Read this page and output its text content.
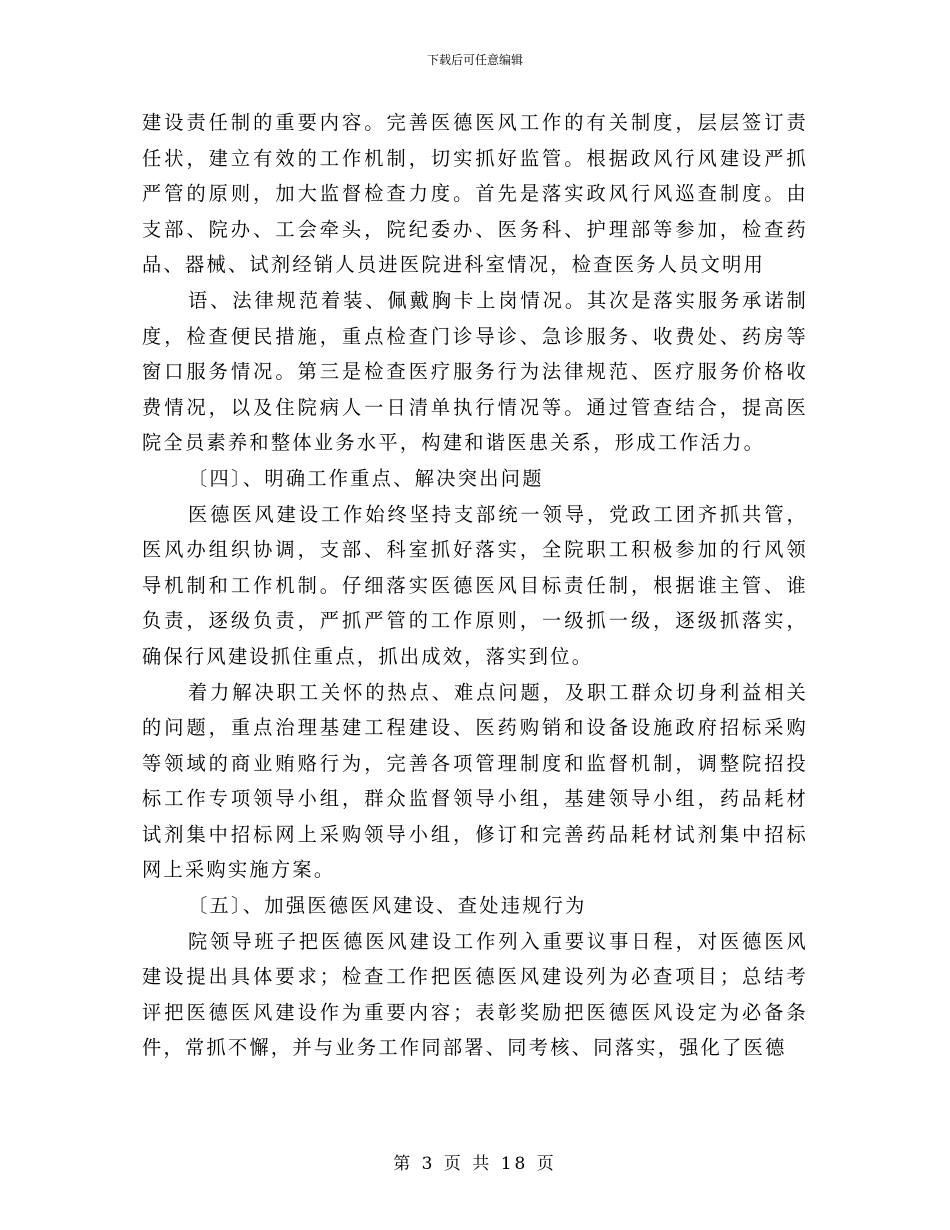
下载后可任意编辑

建设责任制的重要内容。完善医德医风工作的有关制度，层层签订责任状，建立有效的工作机制，切实抓好监管。根据政风行风建设严抓严管的原则，加大监督检查力度。首先是落实政风行风巡查制度。由支部、院办、工会牵头，院纪委办、医务科、护理部等参加，检查药品、器械、试剂经销人员进医院进科室情况，检查医务人员文明用

语、法律规范着装、佩戴胸卡上岗情况。其次是落实服务承诺制度，检查便民措施，重点检查门诊导诊、急诊服务、收费处、药房等窗口服务情况。第三是检查医疗服务行为法律规范、医疗服务价格收费情况，以及住院病人一日清单执行情况等。通过管查结合，提高医院全员素养和整体业务水平，构建和谐医患关系，形成工作活力。

〔四〕、明确工作重点、解决突出问题

医德医风建设工作始终坚持支部统一领导，党政工团齐抓共管，医风办组织协调，支部、科室抓好落实，全院职工积极参加的行风领导机制和工作机制。仔细落实医德医风目标责任制，根据谁主管、谁负责，逐级负责，严抓严管的工作原则，一级抓一级，逐级抓落实，确保行风建设抓住重点，抓出成效，落实到位。

着力解决职工关怀的热点、难点问题，及职工群众切身利益相关的问题，重点治理基建工程建设、医药购销和设备设施政府招标采购等领域的商业贿赂行为，完善各项管理制度和监督机制，调整院招投标工作专项领导小组，群众监督领导小组，基建领导小组，药品耗材试剂集中招标网上采购领导小组，修订和完善药品耗材试剂集中招标网上采购实施方案。

〔五〕、加强医德医风建设、查处违规行为

院领导班子把医德医风建设工作列入重要议事日程，对医德医风建设提出具体要求；检查工作把医德医风建设列为必查项目；总结考评把医德医风建设作为重要内容；表彰奖励把医德医风设定为必备条件，常抓不懈，并与业务工作同部署、同考核、同落实，强化了医德

第 3 页 共 18 页
